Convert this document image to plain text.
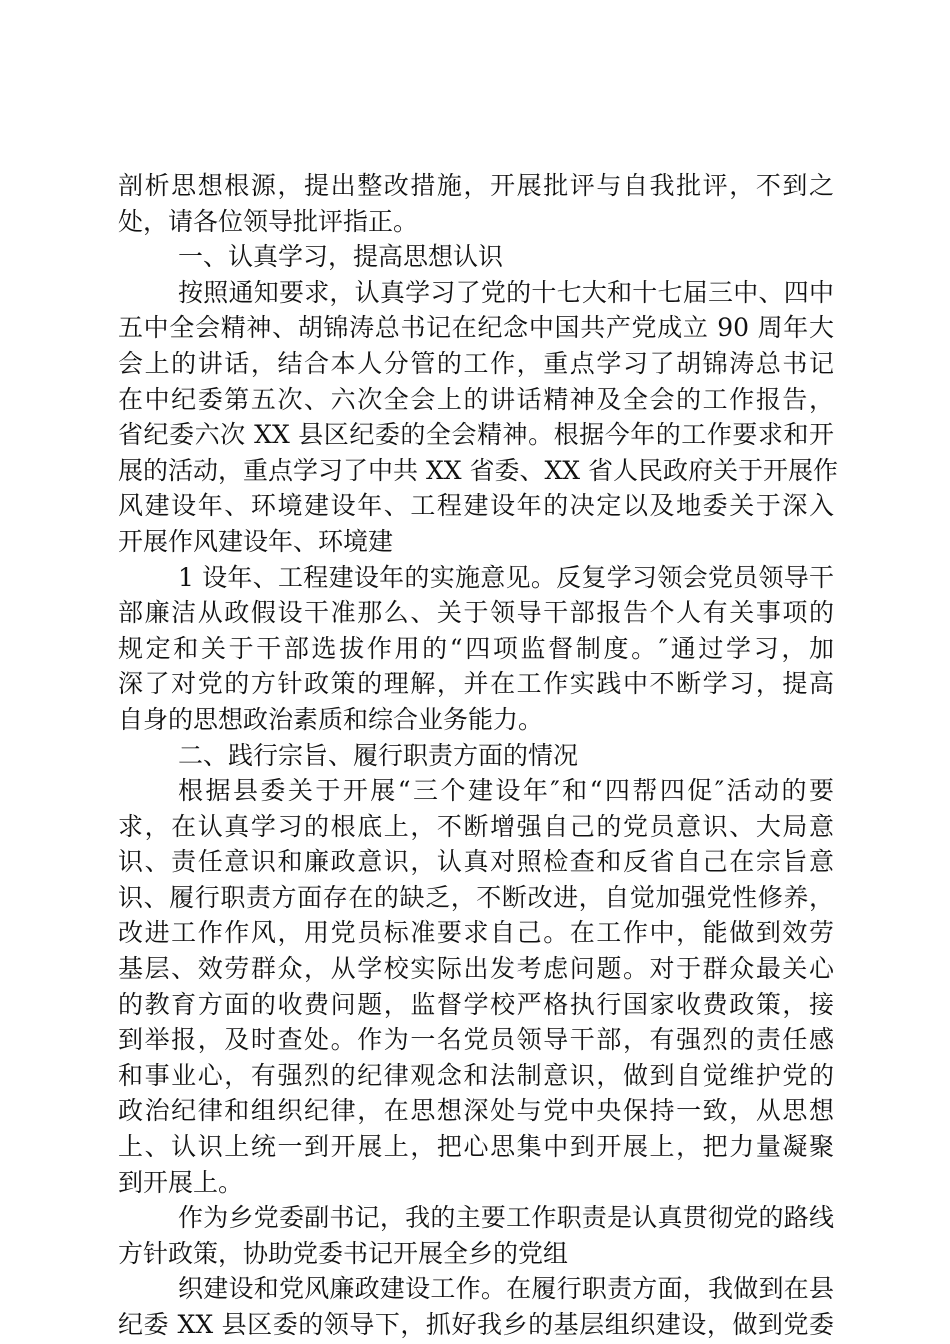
剖析思想根源，提出整改措施，开展批评与自我批评，不到之
处，请各位领导批评指正。
一、认真学习，提高思想认识
按照通知要求，认真学习了党的十七大和十七届三中、四中
五中全会精神、胡锦涛总书记在纪念中国共产党成立 90 周年大
会上的讲话，结合本人分管的工作，重点学习了胡锦涛总书记
在中纪委第五次、六次全会上的讲话精神及全会的工作报告，
省纪委六次 XX 县区纪委的全会精神。根据今年的工作要求和开
展的活动，重点学习了中共 XX 省委、XX 省人民政府关于开展作
风建设年、环境建设年、工程建设年的决定以及地委关于深入
开展作风建设年、环境建
1 设年、工程建设年的实施意见。反复学习领会党员领导干
部廉洁从政假设干准那么、关于领导干部报告个人有关事项的
规定和关于干部选拔作用的“四项监督制度。″通过学习，加
深了对党的方针政策的理解，并在工作实践中不断学习，提高
自身的思想政治素质和综合业务能力。
二、践行宗旨、履行职责方面的情况
根据县委关于开展“三个建设年″和“四帮四促″活动的要
求，在认真学习的根底上，不断增强自己的党员意识、大局意
识、责任意识和廉政意识，认真对照检查和反省自己在宗旨意
识、履行职责方面存在的缺乏，不断改进，自觉加强党性修养，
改进工作作风，用党员标准要求自己。在工作中，能做到效劳
基层、效劳群众，从学校实际出发考虑问题。对于群众最关心
的教育方面的收费问题，监督学校严格执行国家收费政策，接
到举报，及时查处。作为一名党员领导干部，有强烈的责任感
和事业心，有强烈的纪律观念和法制意识，做到自觉维护党的
政治纪律和组织纪律，在思想深处与党中央保持一致，从思想
上、认识上统一到开展上，把心思集中到开展上，把力量凝聚
到开展上。
作为乡党委副书记，我的主要工作职责是认真贯彻党的路线
方针政策，协助党委书记开展全乡的党组
织建设和党风廉政建设工作。在履行职责方面，我做到在县
纪委 XX 县区委的领导下，抓好我乡的基层组织建设，做到党委
